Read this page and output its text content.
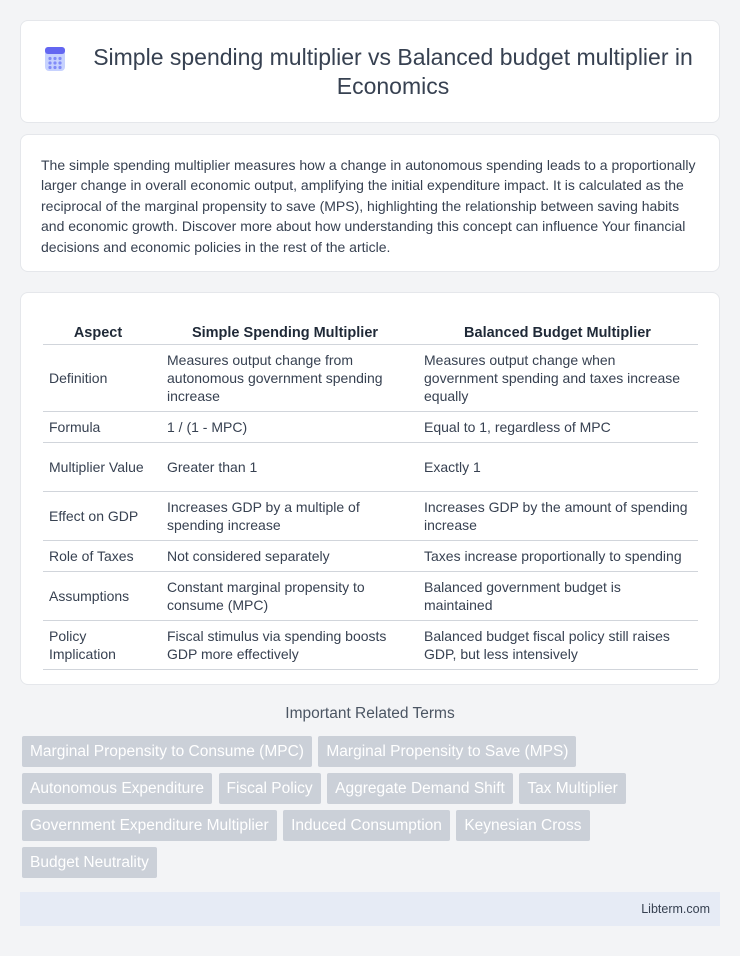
Simple spending multiplier vs Balanced budget multiplier in Economics

The simple spending multiplier measures how a change in autonomous spending leads to a proportionally larger change in overall economic output, amplifying the initial expenditure impact. It is calculated as the reciprocal of the marginal propensity to save (MPS), highlighting the relationship between saving habits and economic growth. Discover more about how understanding this concept can influence Your financial decisions and economic policies in the rest of the article.

Aspect	Simple Spending Multiplier	Balanced Budget Multiplier
Definition	Measures output change from autonomous government spending increase	Measures output change when government spending and taxes increase equally
Formula	1 / (1 - MPC)	Equal to 1, regardless of MPC
Multiplier Value	Greater than 1	Exactly 1
Effect on GDP	Increases GDP by a multiple of spending increase	Increases GDP by the amount of spending increase
Role of Taxes	Not considered separately	Taxes increase proportionally to spending
Assumptions	Constant marginal propensity to consume (MPC)	Balanced government budget is maintained
Policy Implication	Fiscal stimulus via spending boosts GDP more effectively	Balanced budget fiscal policy still raises GDP, but less intensively
Important Related Terms
Marginal Propensity to Consume (MPC) Marginal Propensity to Save (MPS) Autonomous Expenditure Fiscal Policy Aggregate Demand Shift Tax Multiplier Government Expenditure Multiplier Induced Consumption Keynesian Cross Budget Neutrality
Libterm.com
